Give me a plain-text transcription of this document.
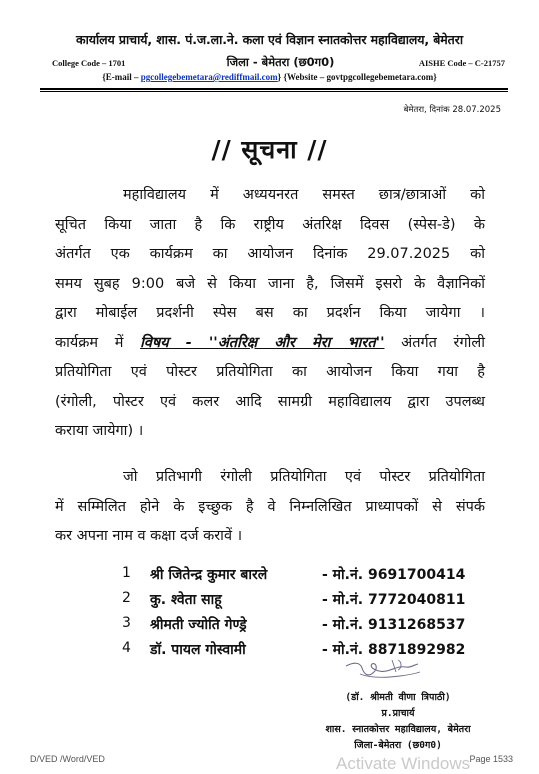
कार्यालय प्राचार्य, शास. पं.ज.ला.ने. कला एवं विज्ञान स्नातकोत्तर महाविद्यालय, बेमेतरा
College Code – 1701	जिला - बेमेतरा (छ0ग0)	AISHE Code – C-21757
{E-mail – pgcollegebemetara@rediffmail.com} {Website – govtpgcollegebemetara.com}
बेमेतरा, दिनांक 28.07.2025
// सूचना //
महाविद्यालय में अध्ययनरत समस्त छात्र/छात्राओं को
सूचित किया जाता है कि राष्ट्रीय अंतरिक्ष दिवस (स्पेस-डे) के
अंतर्गत एक कार्यक्रम का आयोजन दिनांक 29.07.2025 को
समय सुबह 9:00 बजे से किया जाना है, जिसमें इसरो के वैज्ञानिकों
द्वारा मोबाईल प्रदर्शनी स्पेस बस का प्रदर्शन किया जायेगा ।
कार्यक्रम में विषय - ''अंतरिक्ष और मेरा भारत'' अंतर्गत रंगोली
प्रतियोगिता एवं पोस्टर प्रतियोगिता का आयोजन किया गया है
(रंगोली, पोस्टर एवं कलर आदि सामग्री महाविद्यालय द्वारा उपलब्ध
कराया जायेगा) ।
जो प्रतिभागी रंगोली प्रतियोगिता एवं पोस्टर प्रतियोगिता
में सम्मिलित होने के इच्छुक है वे निम्नलिखित प्राध्यापकों से संपर्क
कर अपना नाम व कक्षा दर्ज करावें ।
1 श्री जितेन्द्र कुमार बारले	- मो.नं. 9691700414
2 कु. श्वेता साहू	- मो.नं. 7772040811
3 श्रीमती ज्योति गेण्ड्रे	- मो.नं. 9131268537
4 डॉ. पायल गोस्वामी	- मो.नं. 8871892982
(डॉ. श्रीमती वीणा त्रिपाठी)
प्र.प्राचार्य
शास. स्नातकोत्तर महाविद्यालय, बेमेतरा
जिला-बेमेतरा (छ0ग0)
D/VED /Word/VED	Activate Windows Page 1533
